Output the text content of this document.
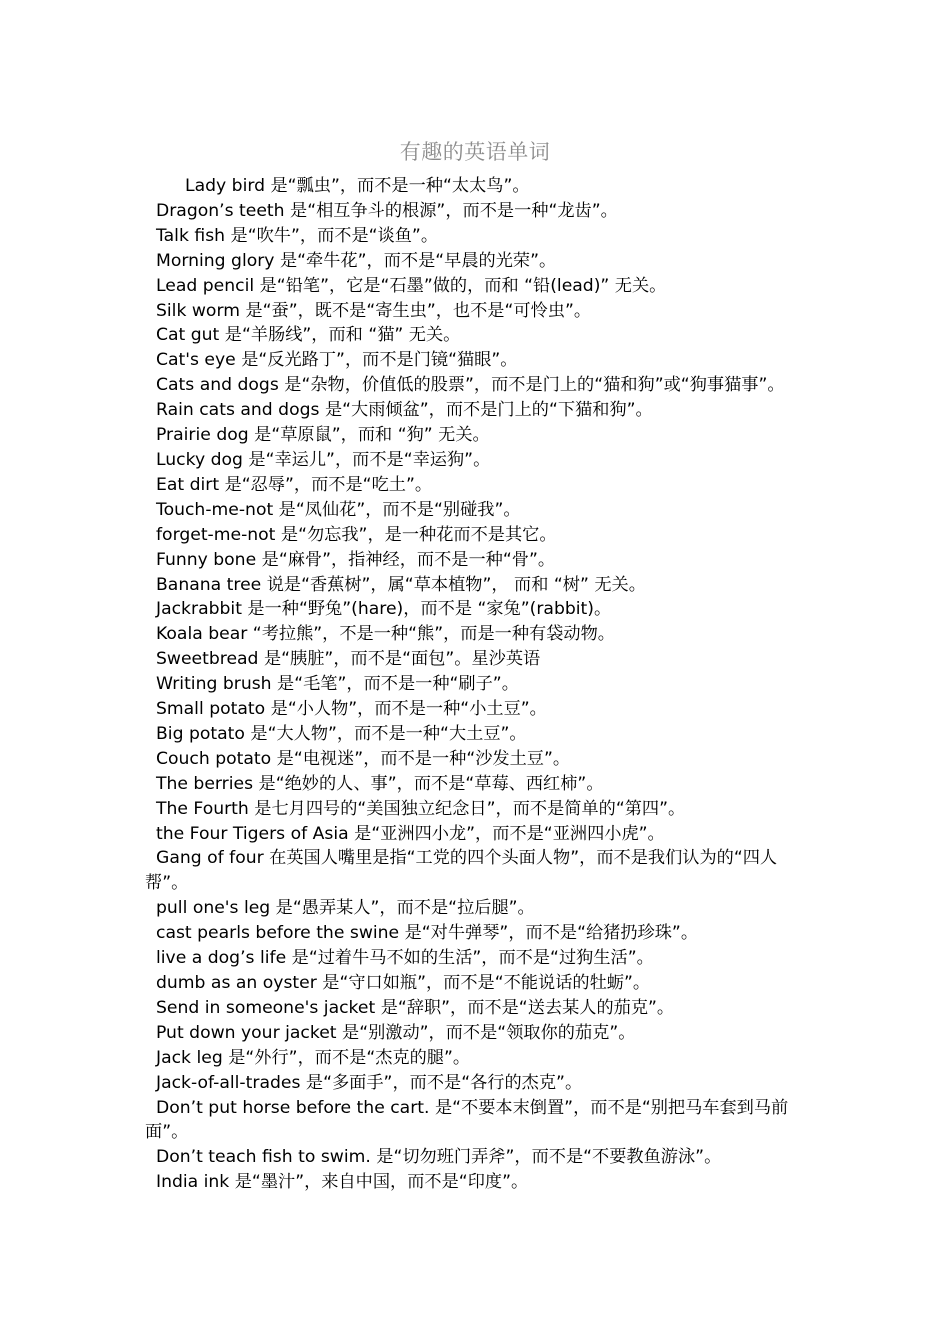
有趣的英语单词
Lady bird 是“瓢虫”，而不是一种“太太鸟”。
Dragon’s teeth 是“相互争斗的根源”，而不是一种“龙齿”。
Talk fish 是“吹牛”，而不是“谈鱼”。
Morning glory 是“牵牛花”，而不是“早晨的光荣”。
Lead pencil 是“铅笔”，它是“石墨”做的，而和 “铅(lead)” 无关。
Silk worm 是“蚕”，既不是“寄生虫”，也不是“可怜虫”。
Cat gut 是“羊肠线”，而和 “猫” 无关。
Cat's eye 是“反光路丁”，而不是门镜“猫眼”。
Cats and dogs 是“杂物，价值低的股票”，而不是门上的“猫和狗”或“狗事猫事”。
Rain cats and dogs 是“大雨倾盆”，而不是门上的“下猫和狗”。
Prairie dog 是“草原鼠”，而和 “狗” 无关。
Lucky dog 是“幸运儿”，而不是“幸运狗”。
Eat dirt 是“忍辱”，而不是“吃土”。
Touch-me-not 是“凤仙花”，而不是“别碰我”。
forget-me-not 是“勿忘我”，是一种花而不是其它。
Funny bone 是“麻骨”，指神经，而不是一种“骨”。
Banana tree 说是“香蕉树”，属“草本植物”， 而和 “树” 无关。
Jackrabbit 是一种“野兔”(hare)，而不是 “家兔”(rabbit)。
Koala bear “考拉熊”，不是一种“熊”，而是一种有袋动物。
Sweetbread 是“胰脏”，而不是“面包”。星沙英语
Writing brush 是“毛笔”，而不是一种“刷子”。
Small potato 是“小人物”，而不是一种“小土豆”。
Big potato 是“大人物”，而不是一种“大土豆”。
Couch potato 是“电视迷”，而不是一种“沙发土豆”。
The berries 是“绝妙的人、事”，而不是“草莓、西红柿”。
The Fourth 是七月四号的“美国独立纪念日”，而不是简单的“第四”。
the Four Tigers of Asia 是“亚洲四小龙”，而不是“亚洲四小虎”。
Gang of four 在英国人嘴里是指“工党的四个头面人物”，而不是我们认为的“四人帮”。
pull one's leg 是“愚弄某人”，而不是“拉后腿”。
cast pearls before the swine 是“对牛弹琴”，而不是“给猪扔珍珠”。
live a dog’s life 是“过着牛马不如的生活”，而不是“过狗生活”。
dumb as an oyster 是“守口如瓶”，而不是“不能说话的牡蛎”。
Send in someone's jacket 是“辞职”，而不是“送去某人的茄克”。
Put down your jacket 是“别激动”，而不是“领取你的茄克”。
Jack leg 是“外行”，而不是“杰克的腿”。
Jack-of-all-trades 是“多面手”，而不是“各行的杰克”。
Don’t put horse before the cart. 是“不要本末倒置”，而不是“别把马车套到马前面”。
Don’t teach fish to swim. 是“切勿班门弄斧”，而不是“不要教鱼游泳”。
India ink 是“墨汁”，来自中国，而不是“印度”。
